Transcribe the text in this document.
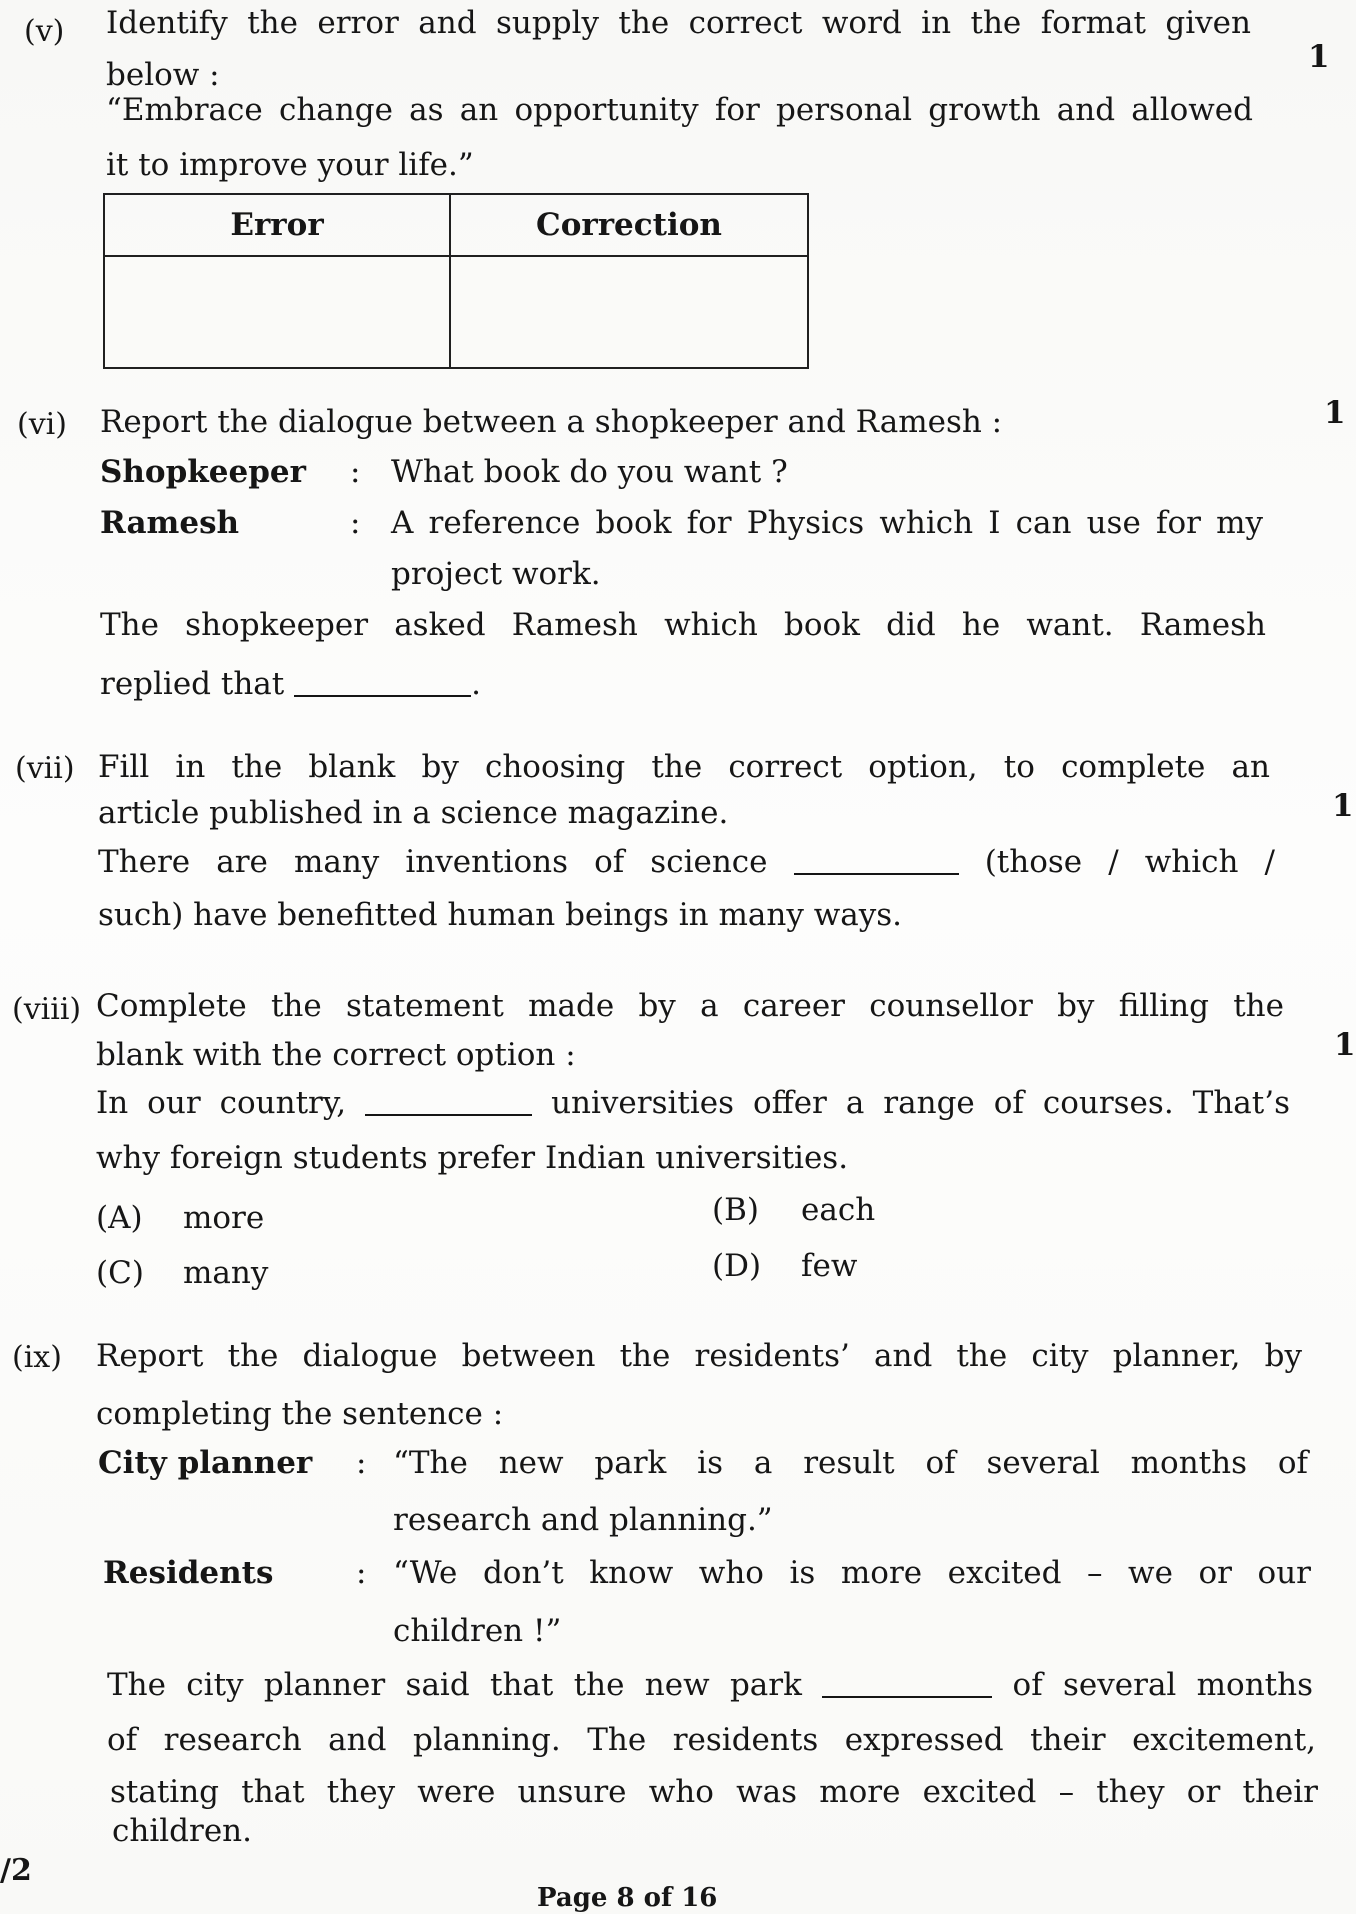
(v) Identify the error and supply the correct word in the format given
below :	1
“Embrace change as an opportunity for personal growth and allowed
it to improve your life.”
Error	Correction

(vi) Report the dialogue between a shopkeeper and Ramesh :	1
Shopkeeper : What book do you want ?
Ramesh	: A reference book for Physics which I can use for my
project work.
The shopkeeper asked Ramesh which book did he want. Ramesh
replied that	.
(vii) Fill in the blank by choosing the correct option, to complete an
article published in a science magazine.	1
There are many inventions of science	(those / which /
such) have benefitted human beings in many ways.
(viii) Complete the statement made by a career counsellor by filling the
blank with the correct option :	1
In our country,	universities offer a range of courses. That’s
why foreign students prefer Indian universities.
(A) more	(B) each
(C) many	(D) few
(ix) Report the dialogue between the residents’ and the city planner, by
completing the sentence :
City planner : “The new park is a result of several months of
research and planning.”
Residents	: “We don’t know who is more excited – we or our
children !”
The city planner said that the new park	of several months
of research and planning. The residents expressed their excitement,
stating that they were unsure who was more excited – they or their
children.
/2
Page 8 of 16
